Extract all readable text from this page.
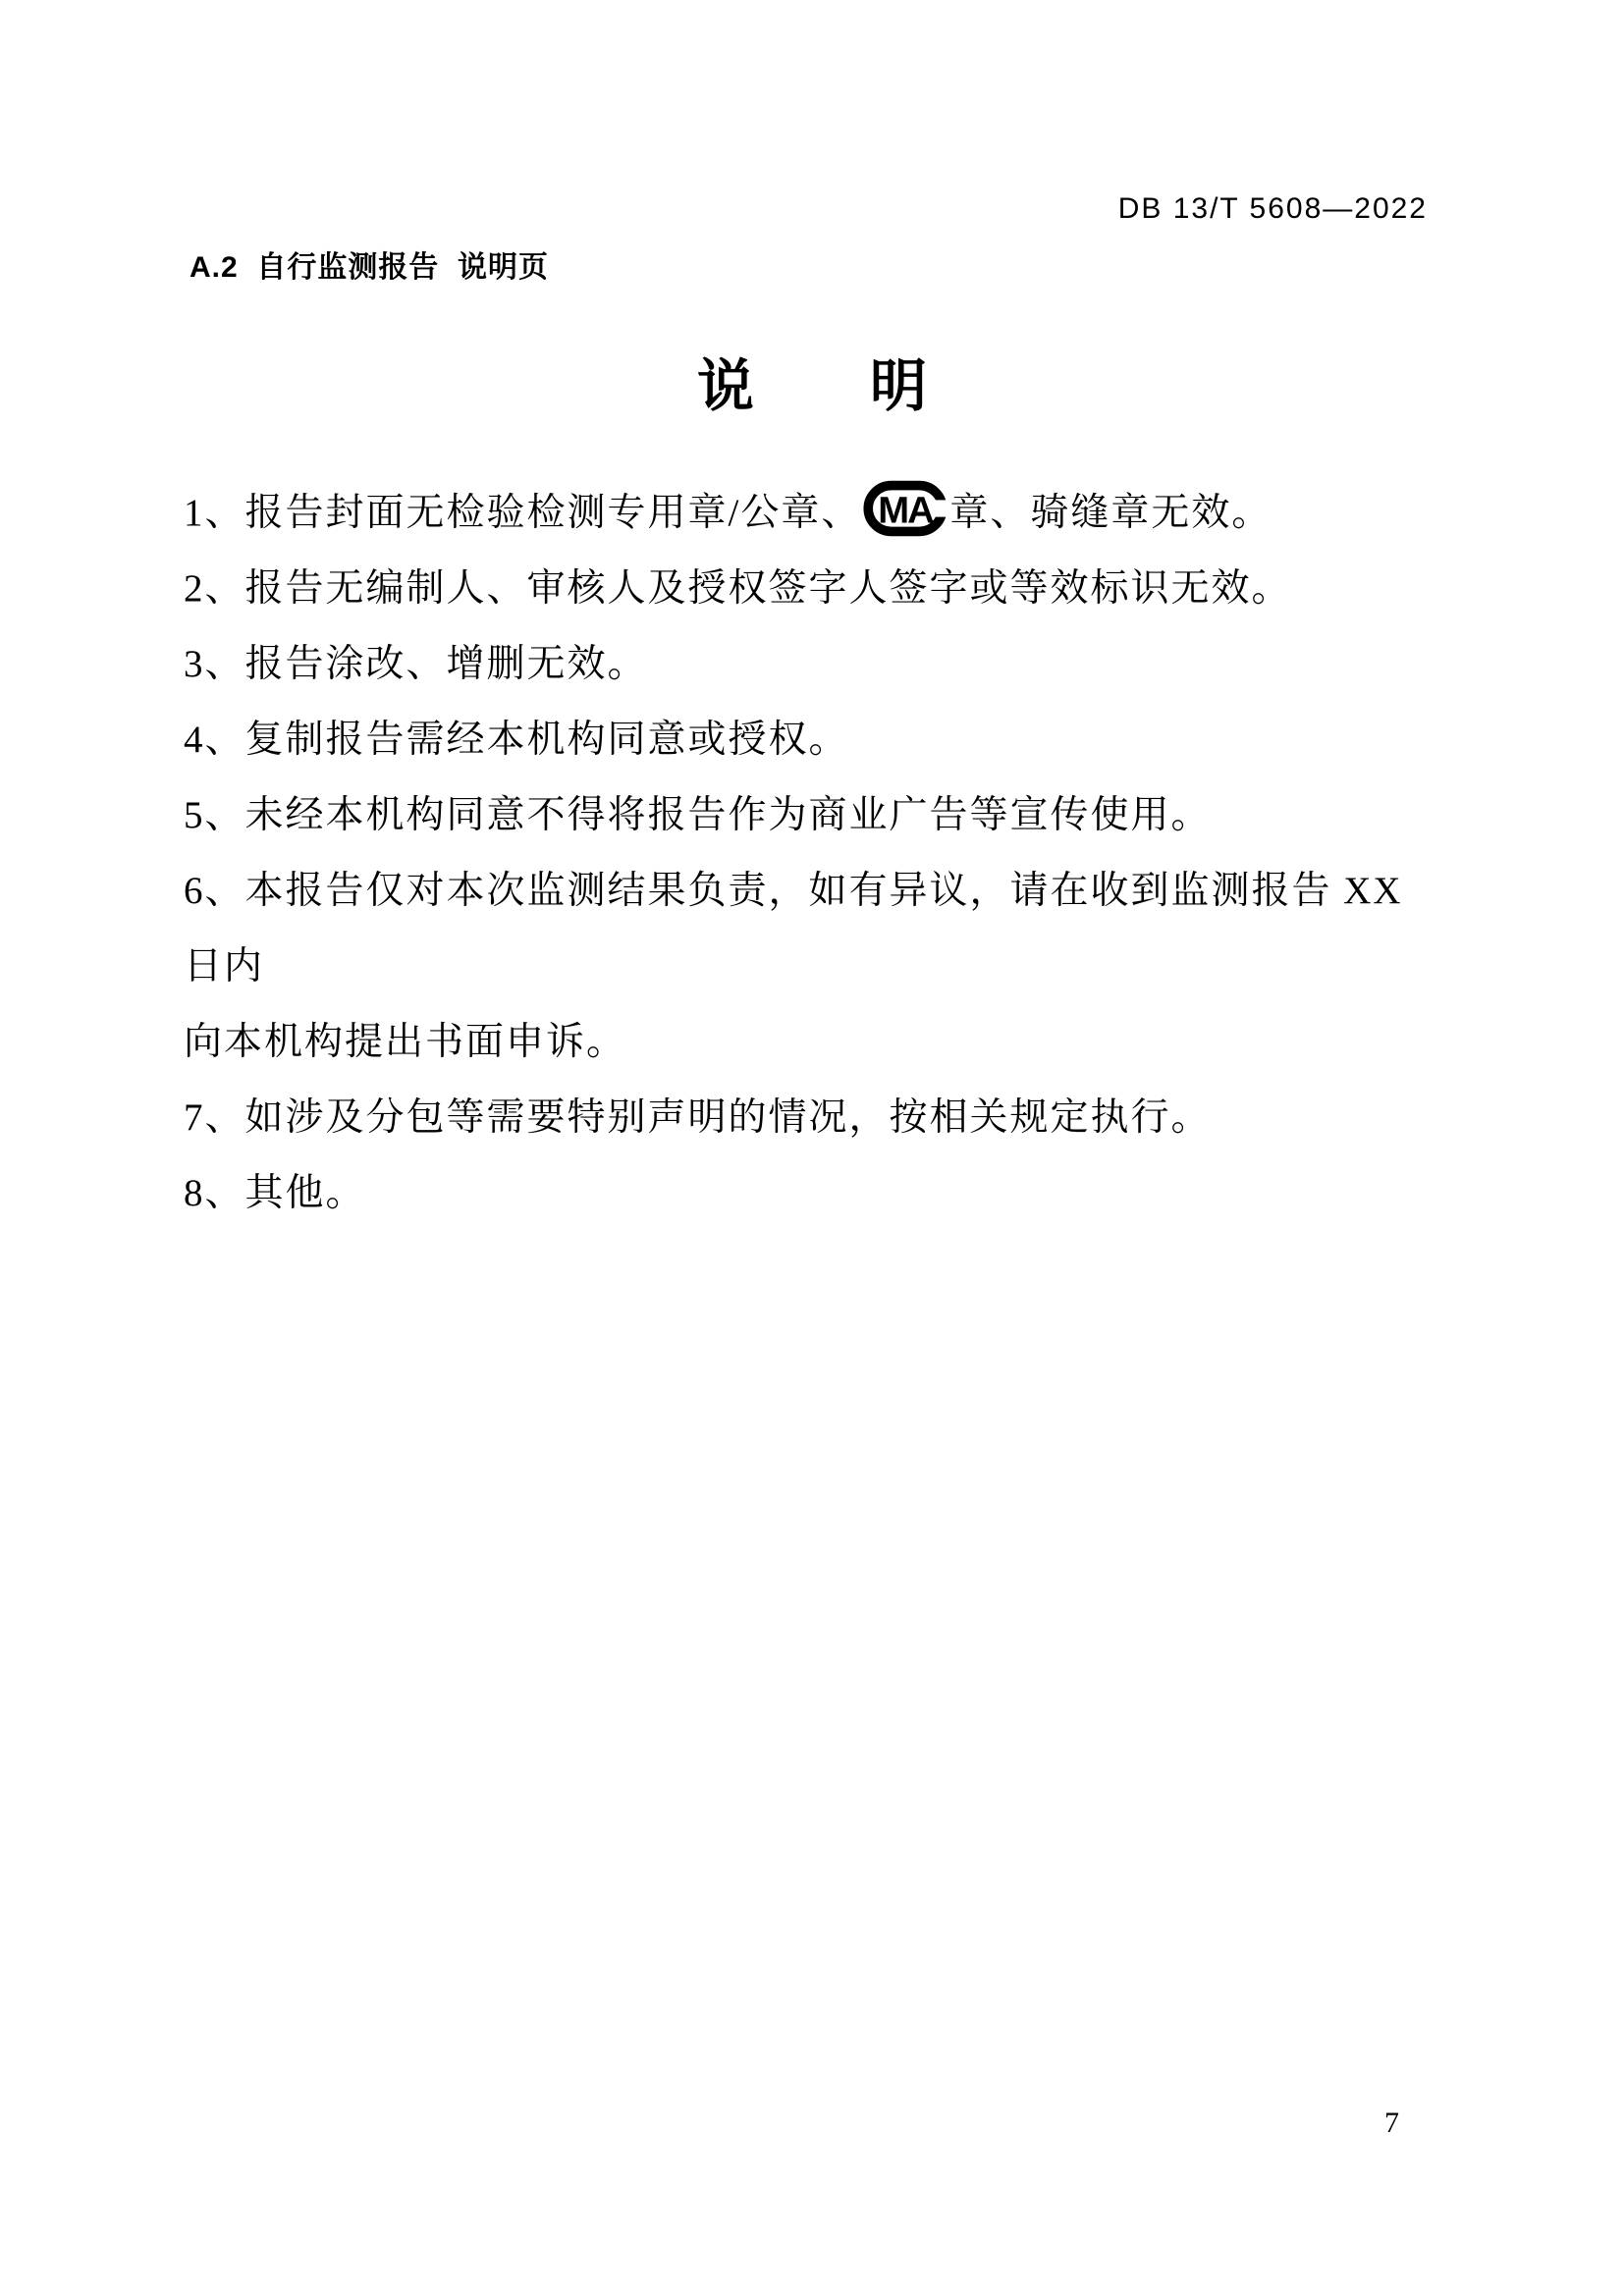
DB 13/T 5608—2022
A.2  自行监测报告  说明页
说 明
1、报告封面无检验检测专用章/公章、 MA 章、骑缝章无效。
2、报告无编制人、审核人及授权签字人签字或等效标识无效。
3、报告涂改、增删无效。
4、复制报告需经本机构同意或授权。
5、未经本机构同意不得将报告作为商业广告等宣传使用。
6、本报告仅对本次监测结果负责，如有异议，请在收到监测报告 XX 日内
向本机构提出书面申诉。
7、如涉及分包等需要特别声明的情况，按相关规定执行。
8、其他。
7
